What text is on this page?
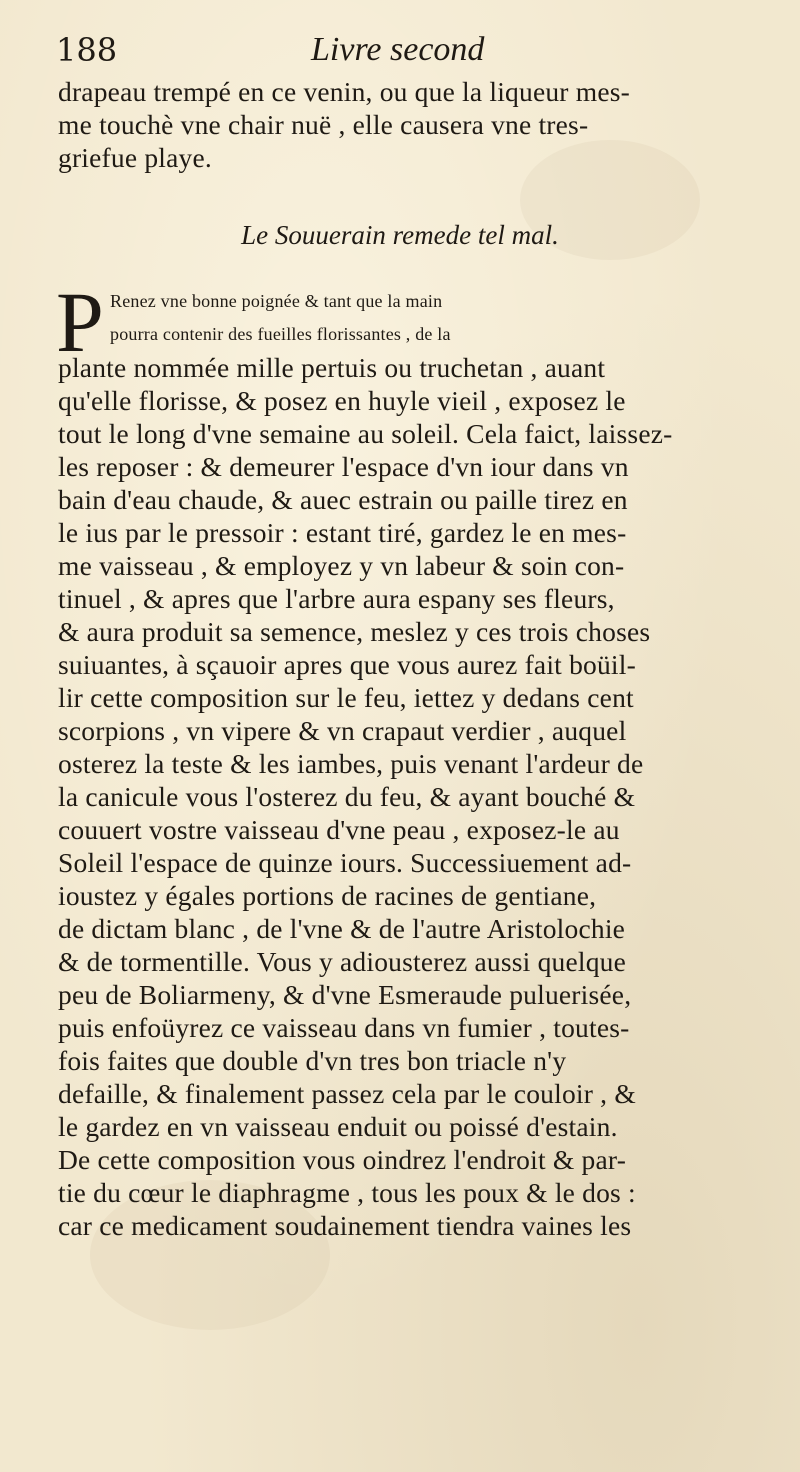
188	Livre second
drapeau trempé en ce venin, ou que la liqueur mes-
me touchè vne chair nuë , elle causera vne tres-
griefue playe.
Le Souuerain remede tel mal.
P Renez vne bonne poignée & tant que la main
pourra contenir des fueilles florissantes , de la
plante nommée mille pertuis ou truchetan , auant
qu'elle florisse, & posez en huyle vieil , exposez le
tout le long d'vne semaine au soleil. Cela faict, laissez-
les reposer : & demeurer l'espace d'vn iour dans vn
bain d'eau chaude, & auec estrain ou paille tirez en
le ius par le pressoir : estant tiré, gardez le en mes-
me vaisseau , & employez y vn labeur & soin con-
tinuel , & apres que l'arbre aura espany ses fleurs,
& aura produit sa semence, meslez y ces trois choses
suiuantes, à sçauoir apres que vous aurez fait boüil-
lir cette composition sur le feu, iettez y dedans cent
scorpions , vn vipere & vn crapaut verdier , auquel
osterez la teste & les iambes, puis venant l'ardeur de
la canicule vous l'osterez du feu, & ayant bouché &
couuert vostre vaisseau d'vne peau , exposez-le au
Soleil l'espace de quinze iours. Successiuement ad-
ioustez y égales portions de racines de gentiane,
de dictam blanc , de l'vne & de l'autre Aristolochie
& de tormentille. Vous y adiousterez aussi quelque
peu de Boliarmeny, & d'vne Esmeraude pulueriséе,
puis enfoüyrez ce vaisseau dans vn fumier , toutes-
fois faites que double d'vn tres bon triacle n'y
defaille, & finalement passez cela par le couloir , &
le gardez en vn vaisseau enduit ou poissé d'estain.
De cette composition vous oindrez l'endroit & par-
tie du cœur le diaphragme , tous les poux & le dos :
car ce medicament soudainement tiendra vaines les
